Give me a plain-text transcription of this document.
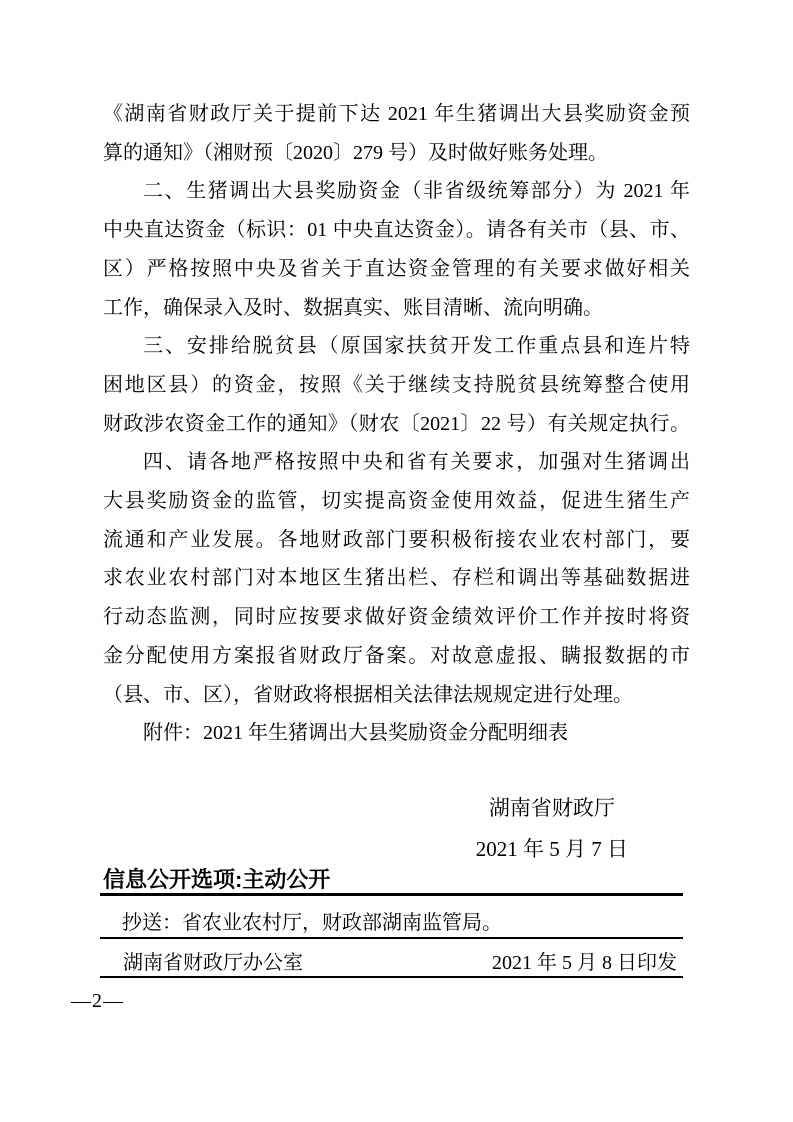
《湖南省财政厅关于提前下达 2021 年生猪调出大县奖励资金预
算的通知》（湘财预〔2020〕279 号）及时做好账务处理。
二、生猪调出大县奖励资金（非省级统筹部分）为 2021 年
中央直达资金（标识：01 中央直达资金）。请各有关市（县、市、
区）严格按照中央及省关于直达资金管理的有关要求做好相关
工作，确保录入及时、数据真实、账目清晰、流向明确。
三、安排给脱贫县（原国家扶贫开发工作重点县和连片特
困地区县）的资金，按照《关于继续支持脱贫县统筹整合使用
财政涉农资金工作的通知》（财农〔2021〕22 号）有关规定执行。
四、请各地严格按照中央和省有关要求，加强对生猪调出
大县奖励资金的监管，切实提高资金使用效益，促进生猪生产
流通和产业发展。各地财政部门要积极衔接农业农村部门，要
求农业农村部门对本地区生猪出栏、存栏和调出等基础数据进
行动态监测，同时应按要求做好资金绩效评价工作并按时将资
金分配使用方案报省财政厅备案。对故意虚报、瞒报数据的市
（县、市、区），省财政将根据相关法律法规规定进行处理。
附件：2021 年生猪调出大县奖励资金分配明细表
湖南省财政厅
2021 年 5 月 7 日
信息公开选项:主动公开
抄送：省农业农村厅，财政部湖南监管局。
湖南省财政厅办公室	2021 年 5 月 8 日印发
—2—
